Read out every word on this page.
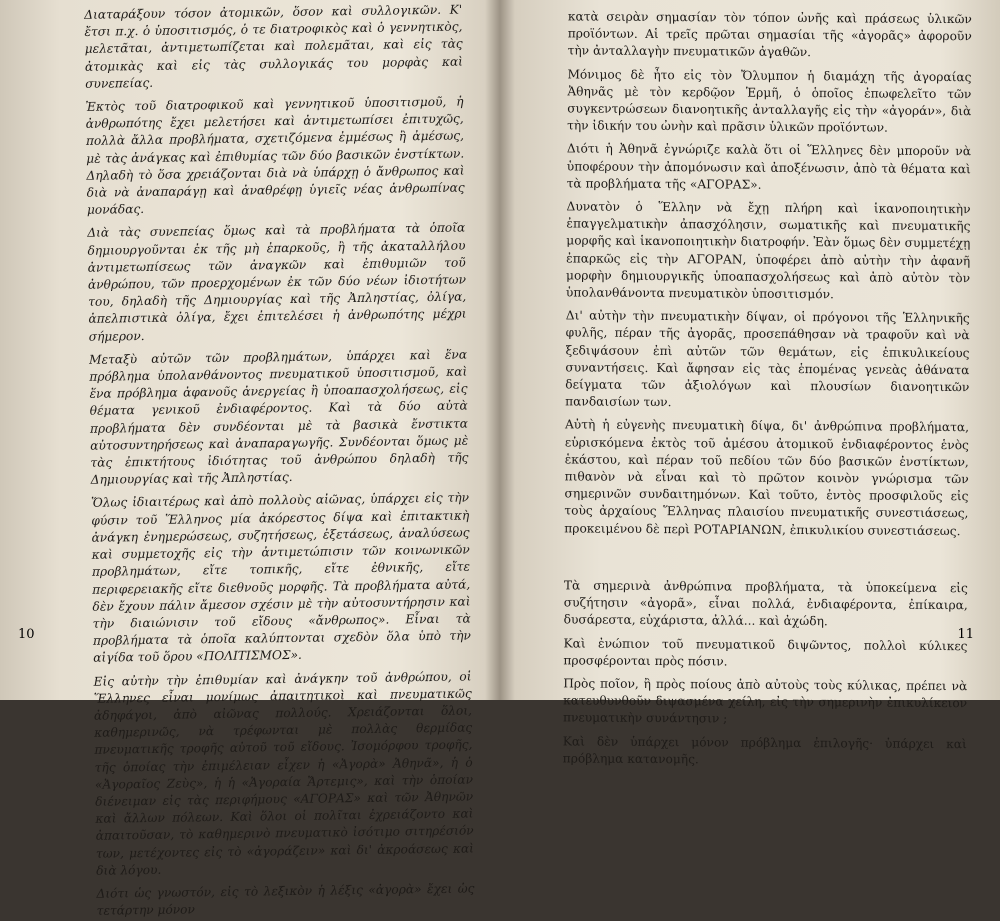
Διαταράξουν τόσον ἀτομικῶν, ὅσον καὶ συλλογικῶν. Κ' ἔτσι π.χ. ὁ ὑποσιτισμός, ὁ τε διατροφικὸς καὶ ὁ γεννητικὸς, μελετᾶται, ἀντιμετωπίζεται καὶ πολεμᾶται, καὶ εἰς τὰς ἀτομικὰς καὶ εἰς τὰς συλλογικάς του μορφὰς καὶ συνεπείας.

Ἐκτὸς τοῦ διατροφικοῦ καὶ γεννητικοῦ ὑποσιτισμοῦ, ἡ ἀνθρωπότης ἔχει μελετήσει καὶ ἀντιμετωπίσει ἐπιτυχῶς, πολλὰ ἄλλα προβλήματα, σχετιζόμενα ἐμμέσως ἢ ἀμέσως, μὲ τὰς ἀνάγκας καὶ ἐπιθυμίας τῶν δύο βασικῶν ἐνστίκτων. Δηλαδὴ τὸ ὅσα χρειάζονται διὰ νὰ ὑπάρχῃ ὁ ἄνθρωπος καὶ διὰ νὰ ἀναπαράγῃ καὶ ἀναθρέφῃ ὑγιεῖς νέας ἀνθρωπίνας μονάδας.

Διὰ τὰς συνεπείας ὅμως καὶ τὰ προβλήματα τὰ ὁποῖα δημιουργοῦνται ἐκ τῆς μὴ ἐπαρκοῦς, ἢ τῆς ἀκαταλλήλου ἀντιμετωπίσεως τῶν ἀναγκῶν καὶ ἐπιθυμιῶν τοῦ ἀνθρώπου, τῶν προερχομένων ἐκ τῶν δύο νέων ἰδιοτήτων του, δηλαδὴ τῆς Δημιουργίας καὶ τῆς Ἀπληστίας, ὀλίγα, ἀπελπιστικὰ ὀλίγα, ἔχει ἐπιτελέσει ἡ ἀνθρωπότης μέχρι σήμερον.

Μεταξὺ αὐτῶν τῶν προβλημάτων, ὑπάρχει καὶ ἕνα πρόβλημα ὑπολανθάνοντος πνευματικοῦ ὑποσιτισμοῦ, καὶ ἕνα πρόβλημα ἀφανοῦς ἀνεργείας ἢ ὑποαπασχολήσεως, εἰς θέματα γενικοῦ ἐνδιαφέροντος. Καὶ τὰ δύο αὐτὰ προβλήματα δὲν συνδέονται μὲ τὰ βασικὰ ἔνστικτα αὐτοσυντηρήσεως καὶ ἀναπαραγωγῆς. Συνδέονται ὅμως μὲ τὰς ἐπικτήτους ἰδιότητας τοῦ ἀνθρώπου δηλαδὴ τῆς Δημιουργίας καὶ τῆς Ἀπληστίας.

Ὅλως ἰδιαιτέρως καὶ ἀπὸ πολλοὺς αἰῶνας, ὑπάρχει εἰς τὴν φύσιν τοῦ Ἕλληνος μία ἀκόρεστος δίψα καὶ ἐπιτακτικὴ ἀνάγκη ἐνημερώσεως, συζητήσεως, ἐξετάσεως, ἀναλύσεως καὶ συμμετοχῆς εἰς τὴν ἀντιμετώπισιν τῶν κοινωνικῶν προβλημάτων, εἴτε τοπικῆς, εἴτε ἐθνικῆς, εἴτε περιφερειακῆς εἴτε διεθνοῦς μορφῆς. Τὰ προβλήματα αὐτά, δὲν ἔχουν πάλιν ἄμεσον σχέσιν μὲ τὴν αὐτοσυντήρησιν καὶ τὴν διαιώνισιν τοῦ εἴδους «ἄνθρωπος». Εἶναι τὰ προβλήματα τὰ ὁποῖα καλύπτονται σχεδὸν ὅλα ὑπὸ τὴν αἰγίδα τοῦ ὅρου «ΠΟΛΙΤΙΣΜΟΣ».

Εἰς αὐτὴν τὴν ἐπιθυμίαν καὶ ἀνάγκην τοῦ ἀνθρώπου, οἱ Ἕλληνες εἶναι μονίμως ἀπαιτητικοὶ καὶ πνευματικῶς ἀδηφάγοι, ἀπὸ αἰῶνας πολλούς. Χρειάζονται ὅλοι, καθημερινῶς, νὰ τρέφωνται μὲ πολλὰς θερμίδας πνευματικῆς τροφῆς αὐτοῦ τοῦ εἴδους. Ἰσομόρφου τροφῆς, τῆς ὁποίας τὴν ἐπιμέλειαν εἶχεν ἡ «Ἀγορὰ» Ἀθηνᾶ», ἡ ὁ «Ἀγοραῖος Ζεὺς», ἡ ἡ «Ἀγοραία Ἄρτεμις», καὶ τὴν ὁποίαν διένειμαν εἰς τὰς περιφήμους «ΑΓΟΡΑΣ» καὶ τῶν Ἀθηνῶν καὶ ἄλλων πόλεων. Καὶ ὅλοι οἱ πολῖται ἐχρειάζοντο καὶ ἀπαιτοῦσαν, τὸ καθημερινὸ πνευματικὸ ἰσότιμο σιτηρέσιόν των, μετέχοντες εἰς τὸ «ἀγοράζειν» καὶ δι' ἀκροάσεως καὶ διὰ λόγου.

Διότι ὡς γνωστόν, εἰς τὸ λεξικὸν ἡ λέξις «ἀγορὰ» ἔχει ὡς τετάρτην μόνον

10

κατὰ σειρὰν σημασίαν τὸν τόπον ὠνῆς καὶ πράσεως ὑλικῶν προϊόντων. Αἱ τρεῖς πρῶται σημασίαι τῆς «ἀγορᾶς» ἀφοροῦν τὴν ἀνταλλαγὴν πνευματικῶν ἀγαθῶν.

Μόνιμος δὲ ἦτο εἰς τὸν Ὄλυμπον ἡ διαμάχη τῆς ἀγοραίας Ἀθηνᾶς μὲ τὸν κερδῷον Ἑρμῆ, ὁ ὁποῖος ἐπωφελεῖτο τῶν συγκεντρώσεων διανοητικῆς ἀνταλλαγῆς εἰς τὴν «ἀγοράν», διὰ τὴν ἰδικήν του ὠνὴν καὶ πρᾶσιν ὑλικῶν προϊόντων.

Διότι ἡ Ἀθηνᾶ ἐγνώριζε καλὰ ὅτι οἱ Ἕλληνες δὲν μποροῦν νὰ ὑποφέρουν τὴν ἀπομόνωσιν καὶ ἀποξένωσιν, ἀπὸ τὰ θέματα καὶ τὰ προβλήματα τῆς «ΑΓΟΡΑΣ».

Δυνατὸν ὁ Ἕλλην νὰ ἔχῃ πλήρη καὶ ἱκανοποιητικὴν ἐπαγγελματικὴν ἀπασχόλησιν, σωματικῆς καὶ πνευματικῆς μορφῆς καὶ ἱκανοποιητικὴν διατροφήν. Ἐὰν ὅμως δὲν συμμετέχῃ ἐπαρκῶς εἰς τὴν ΑΓΟΡΑΝ, ὑποφέρει ἀπὸ αὐτὴν τὴν ἀφανῆ μορφὴν δημιουργικῆς ὑποαπασχολήσεως καὶ ἀπὸ αὐτὸν τὸν ὑπολανθάνοντα πνευματικὸν ὑποσιτισμόν.

Δι' αὐτὴν τὴν πνευματικὴν δίψαν, οἱ πρόγονοι τῆς Ἑλληνικῆς φυλῆς, πέραν τῆς ἀγορᾶς, προσεπάθησαν νὰ τραφοῦν καὶ νὰ ξεδιψάσουν ἐπὶ αὐτῶν τῶν θεμάτων, εἰς ἐπικυλικείους συναντήσεις. Καὶ ἄφησαν εἰς τὰς ἑπομένας γενεὰς ἀθάνατα δείγματα τῶν ἀξιολόγων καὶ πλουσίων διανοητικῶν πανδαισίων των.

Αὐτὴ ἡ εὐγενὴς πνευματικὴ δίψα, δι' ἀνθρώπινα προβλήματα, εὑρισκόμενα ἐκτὸς τοῦ ἀμέσου ἀτομικοῦ ἐνδιαφέροντος ἑνὸς ἑκάστου, καὶ πέραν τοῦ πεδίου τῶν δύο βασικῶν ἐνστίκτων, πιθανὸν νὰ εἶναι καὶ τὸ πρῶτον κοινὸν γνώρισμα τῶν σημερινῶν συνδαιτημόνων. Καὶ τοῦτο, ἐντὸς προσφιλοῦς εἰς τοὺς ἀρχαίους Ἕλληνας πλαισίου πνευματικῆς συνεστιάσεως, προκειμένου δὲ περὶ ΡΟΤΑΡΙΑΝΩΝ, ἐπικυλικίου συνεστιάσεως.

Τὰ σημερινὰ ἀνθρώπινα προβλήματα, τὰ ὑποκείμενα εἰς συζήτησιν «ἀγορᾶ», εἶναι πολλά, ἐνδιαφέροντα, ἐπίκαιρα, δυσάρεστα, εὐχάριστα, ἀλλά... καὶ ἀχώδη.

Καὶ ἐνώπιον τοῦ πνευματικοῦ διψῶντος, πολλοὶ κύλικες προσφέρονται πρὸς πόσιν.

Πρὸς ποῖον, ἢ πρὸς ποίους ἀπὸ αὐτοὺς τοὺς κύλικας, πρέπει νὰ κατευθυνθοῦν διψασμένα χείλη, εἰς τὴν σημερινὴν ἐπικυλίκειον πνευματικὴν συνάντησιν ;

Καὶ δὲν ὑπάρχει μόνον πρόβλημα ἐπιλογῆς· ὑπάρχει καὶ πρόβλημα κατανομῆς.

11
